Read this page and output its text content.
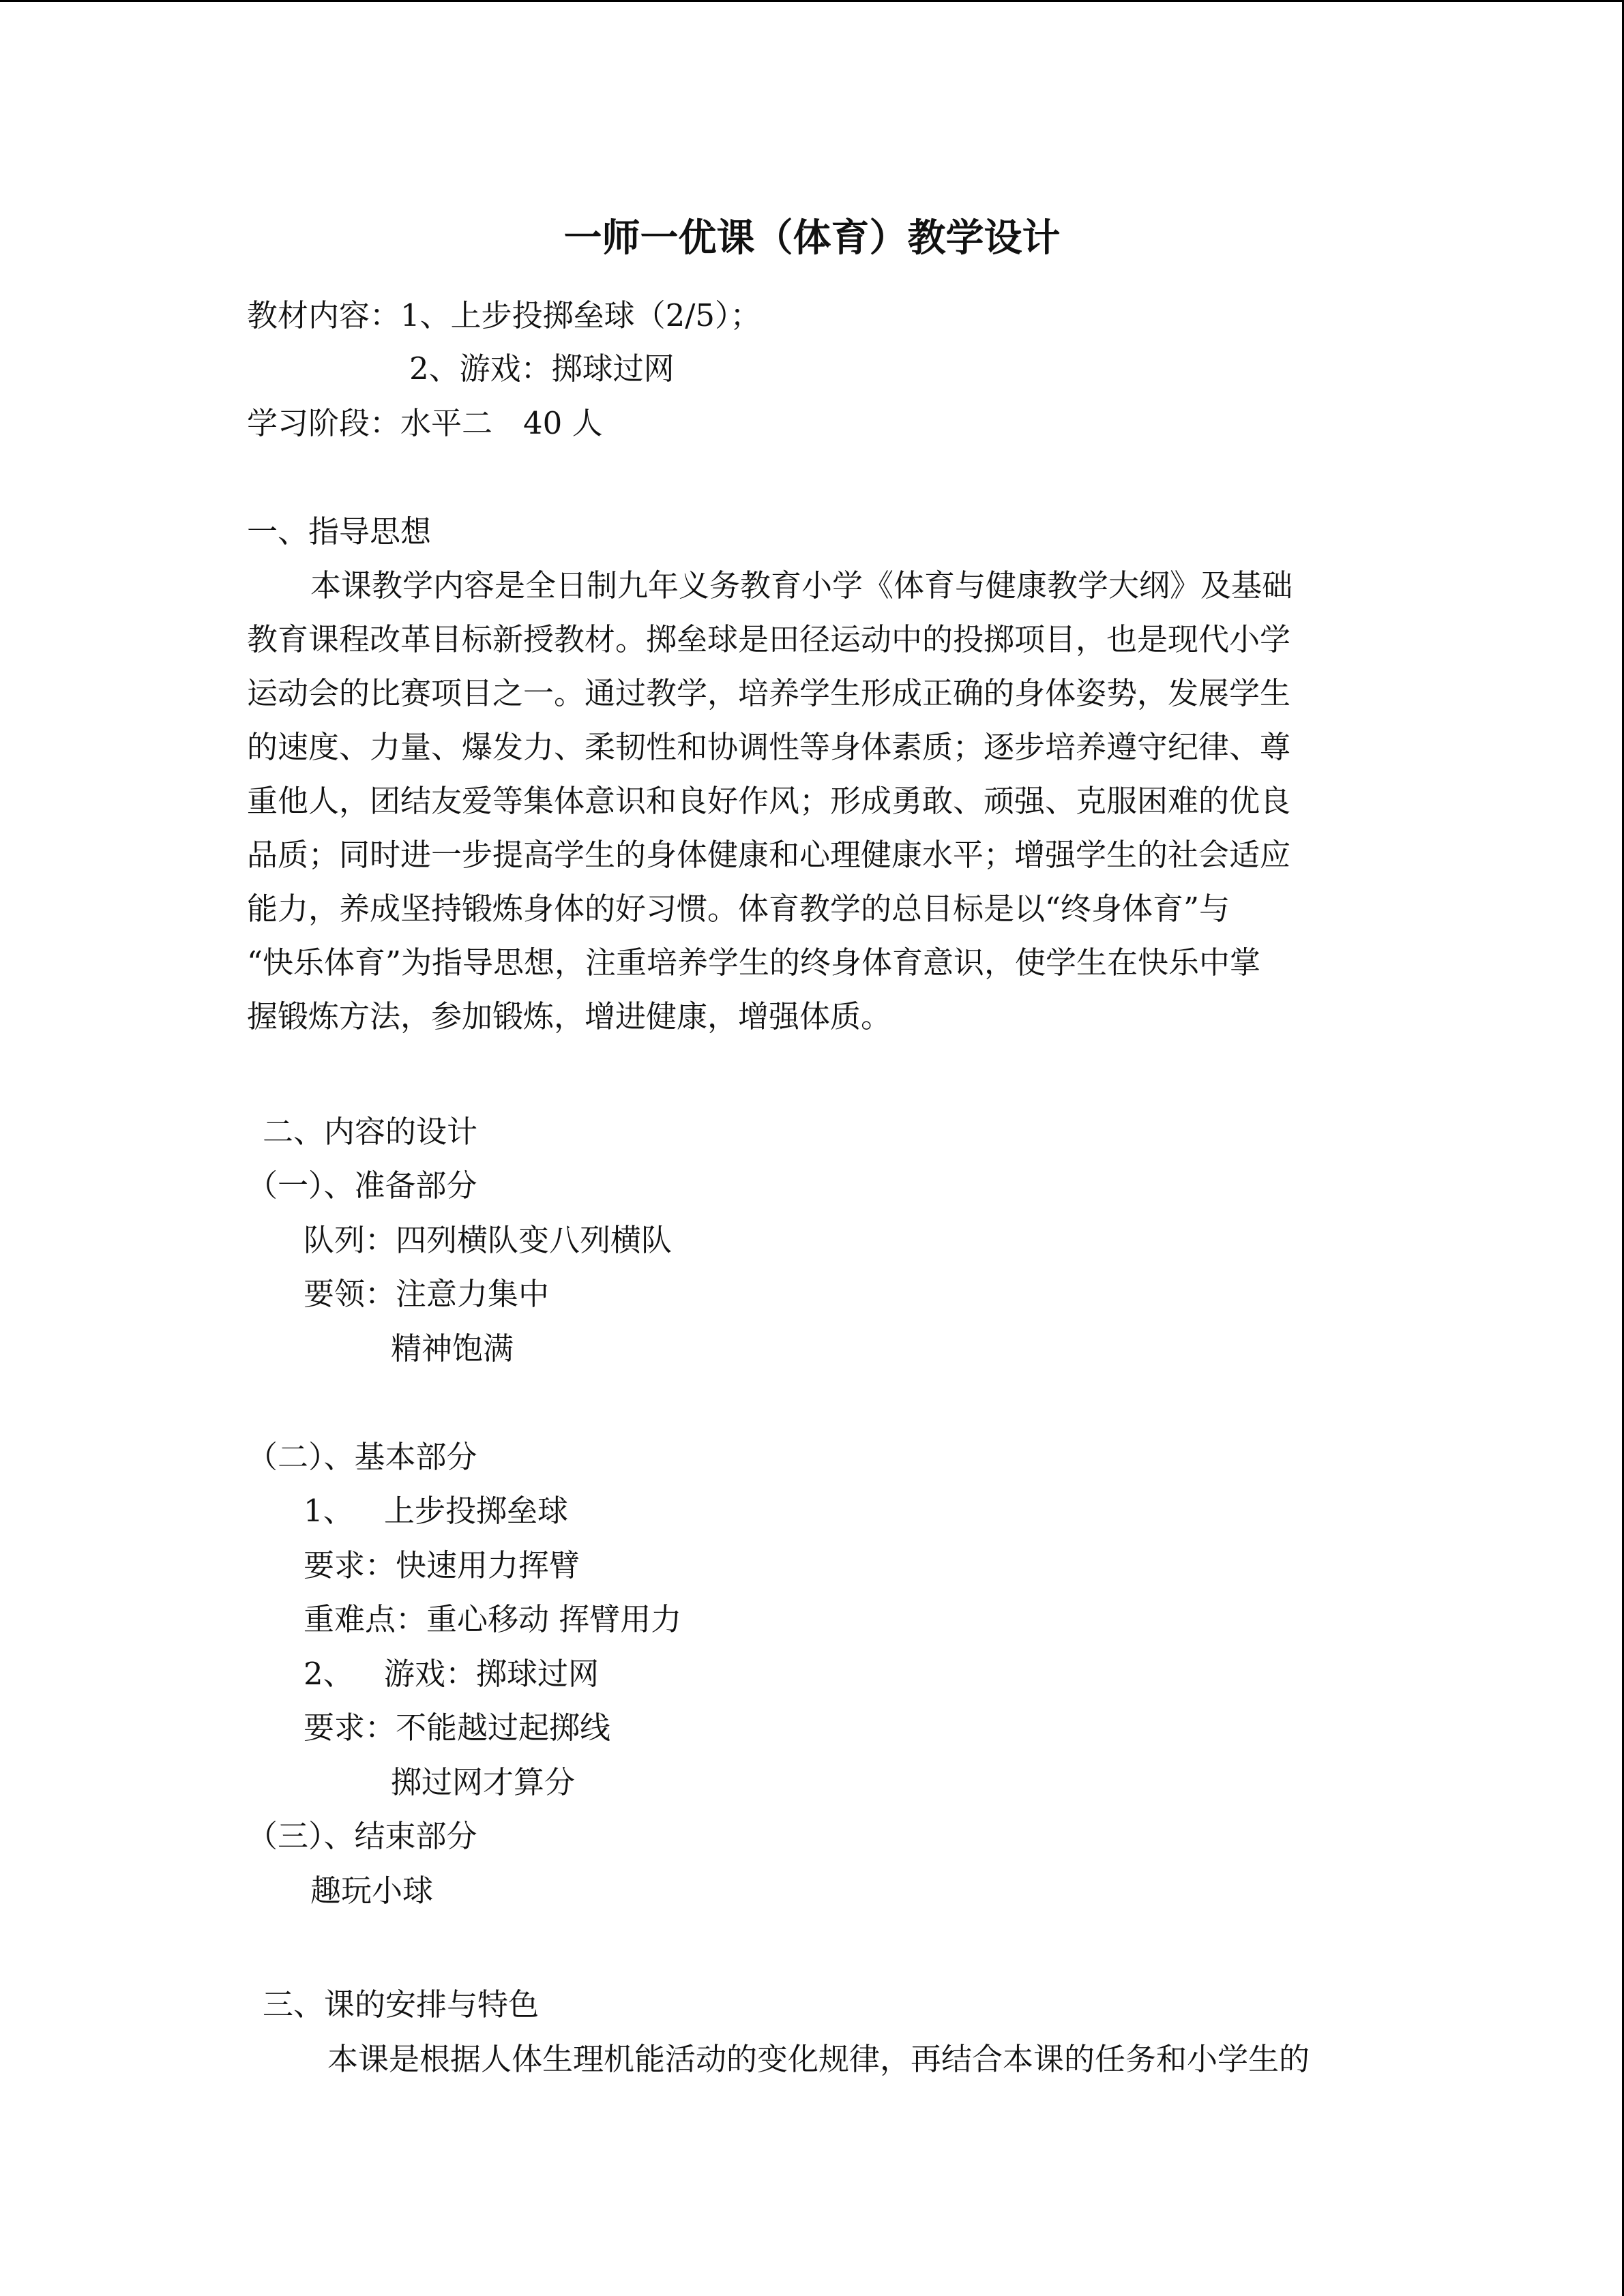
一师一优课（体育）教学设计
教材内容：1、上步投掷垒球（2/5）；
2、游戏：掷球过网
学习阶段：水平二　40 人
一、指导思想
本课教学内容是全日制九年义务教育小学《体育与健康教学大纲》及基础
教育课程改革目标新授教材。掷垒球是田径运动中的投掷项目，也是现代小学
运动会的比赛项目之一。通过教学，培养学生形成正确的身体姿势，发展学生
的速度、力量、爆发力、柔韧性和协调性等身体素质；逐步培养遵守纪律、尊
重他人，团结友爱等集体意识和良好作风；形成勇敢、顽强、克服困难的优良
品质；同时进一步提高学生的身体健康和心理健康水平；增强学生的社会适应
能力，养成坚持锻炼身体的好习惯。体育教学的总目标是以“终身体育”与
“快乐体育”为指导思想，注重培养学生的终身体育意识，使学生在快乐中掌
握锻炼方法，参加锻炼，增进健康，增强体质。
二、内容的设计
（一）、准备部分
队列：四列横队变八列横队
要领：注意力集中
精神饱满
（二）、基本部分
1、 上步投掷垒球
要求：快速用力挥臂
重难点：重心移动 挥臂用力
2、 游戏：掷球过网
要求：不能越过起掷线
掷过网才算分
（三）、结束部分
趣玩小球
三、课的安排与特色
本课是根据人体生理机能活动的变化规律，再结合本课的任务和小学生的
